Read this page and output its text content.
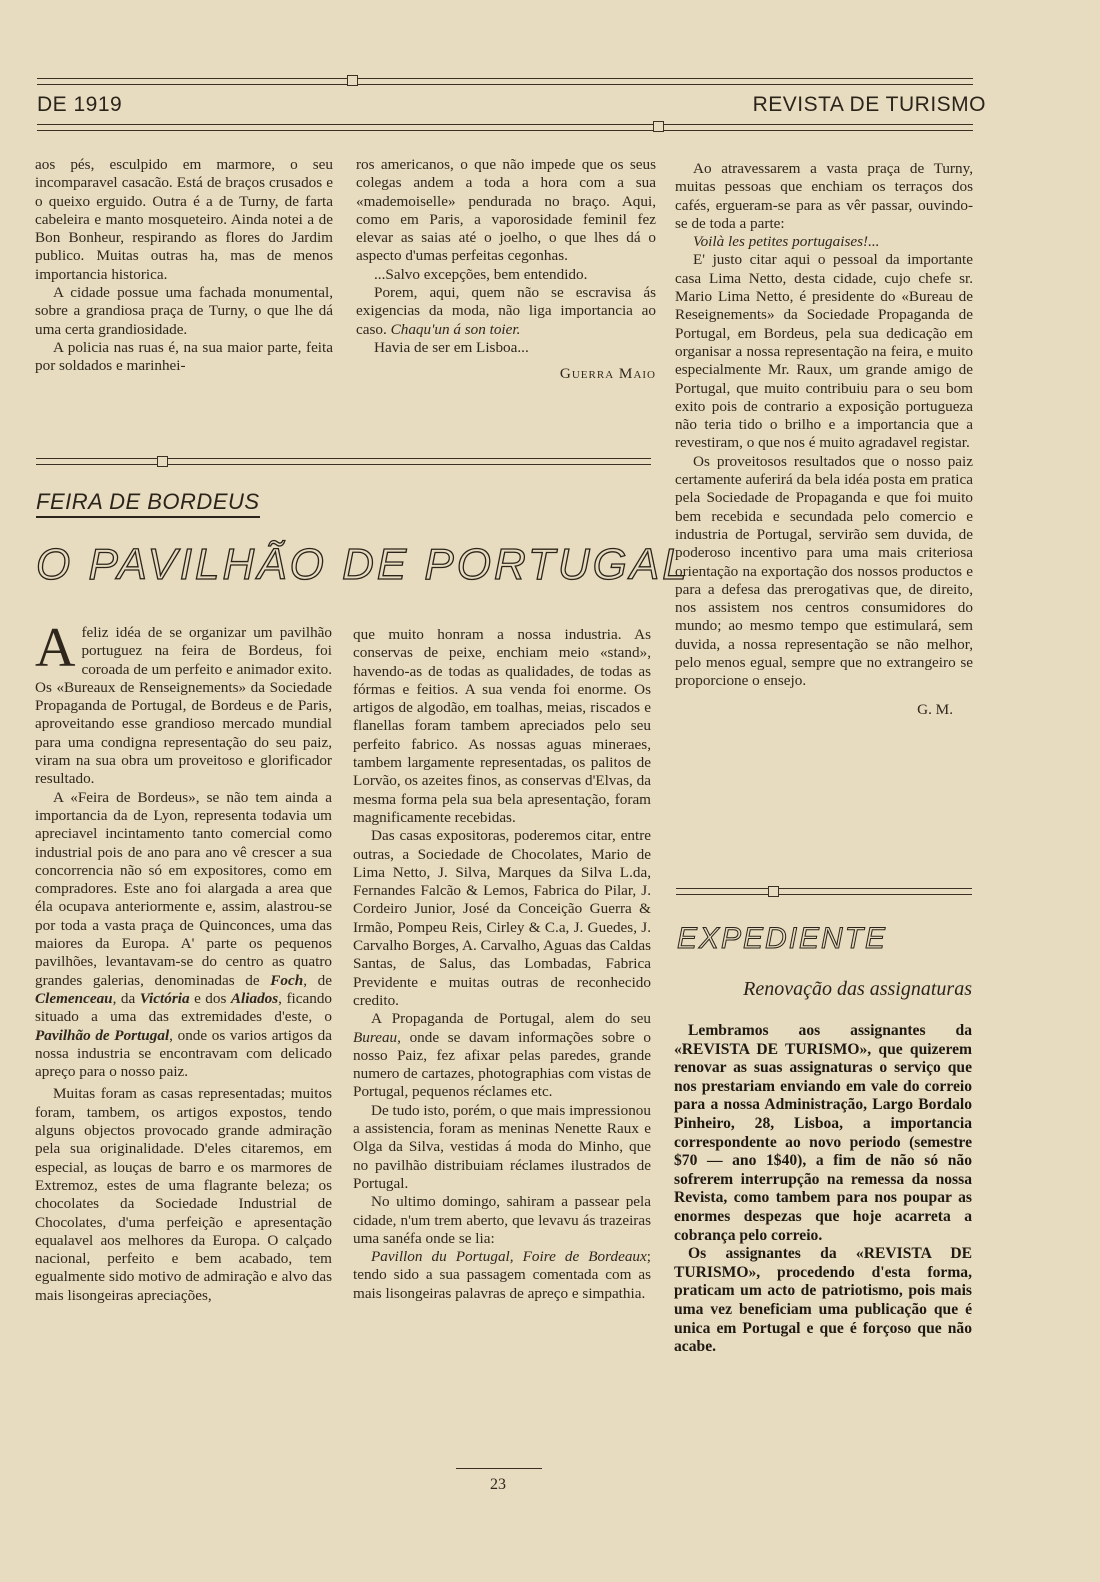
DE 1919	REVISTA DE TURISMO

aos pés, esculpido em marmore, o seu incomparavel casacão. Está de braços crusados e o queixo erguido. Outra é a de Turny, de farta cabeleira e manto mosqueteiro. Ainda notei a de Bon Bonheur, respirando as flores do Jardim publico. Muitas outras ha, mas de menos importancia historica.

A cidade possue uma fachada monumental, sobre a grandiosa praça de Turny, o que lhe dá uma certa grandiosidade.

A policia nas ruas é, na sua maior parte, feita por soldados e marinhei-

ros americanos, o que não impede que os seus colegas andem a toda a hora com a sua «mademoiselle» pendurada no braço. Aqui, como em Paris, a vaporosidade feminil fez elevar as saias até o joelho, o que lhes dá o aspecto d'umas perfeitas cegonhas.

...Salvo excepções, bem entendido.

Porem, aqui, quem não se escravisa ás exigencias da moda, não liga importancia ao caso. Chaqu'un á son toier.

Havia de ser em Lisboa...

Guerra Maio

FEIRA DE BORDEUS
O PAVILHÃO DE PORTUGAL

Afeliz idéa de se organizar um pavilhão portuguez na feira de Bordeus, foi coroada de um perfeito e animador exito. Os «Bureaux de Renseignements» da Sociedade Propaganda de Portugal, de Bordeus e de Paris, aproveitando esse grandioso mercado mundial para uma condigna representação do seu paiz, viram na sua obra um proveitoso e glorificador resultado.

A «Feira de Bordeus», se não tem ainda a importancia da de Lyon, representa todavia um apreciavel incintamento tanto comercial como industrial pois de ano para ano vê crescer a sua concorrencia não só em expositores, como em compradores. Este ano foi alargada a area que éla ocupava anteriormente e, assim, alastrou-se por toda a vasta praça de Quinconces, uma das maiores da Europa. A' parte os pequenos pavilhões, levantavam-se do centro as quatro grandes galerias, denominadas de Foch, de Clemenceau, da Victória e dos Aliados, ficando situado a uma das extremidades d'este, o Pavilhão de Portugal, onde os varios artigos da nossa industria se encontravam com delicado apreço para o nosso paiz.

Muitas foram as casas representadas; muitos foram, tambem, os artigos expostos, tendo alguns objectos provocado grande admiração pela sua originalidade. D'eles citaremos, em especial, as louças de barro e os marmores de Extremoz, estes de uma flagrante beleza; os chocolates da Sociedade Industrial de Chocolates, d'uma perfeição e apresentação equalavel aos melhores da Europa. O calçado nacional, perfeito e bem acabado, tem egualmente sido motivo de admiração e alvo das mais lisongeiras apreciações,

que muito honram a nossa industria. As conservas de peixe, enchiam meio «stand», havendo-as de todas as qualidades, de todas as fórmas e feitios. A sua venda foi enorme. Os artigos de algodão, em toalhas, meias, riscados e flanellas foram tambem apreciados pelo seu perfeito fabrico. As nossas aguas mineraes, tambem largamente representadas, os palitos de Lorvão, os azeites finos, as conservas d'Elvas, da mesma forma pela sua bela apresentação, foram magnificamente recebidas.

Das casas expositoras, poderemos citar, entre outras, a Sociedade de Chocolates, Mario de Lima Netto, J. Silva, Marques da Silva L.da, Fernandes Falcão & Lemos, Fabrica do Pilar, J. Cordeiro Junior, José da Conceição Guerra & Irmão, Pompeu Reis, Cirley & C.a, J. Guedes, J. Carvalho Borges, A. Carvalho, Aguas das Caldas Santas, de Salus, das Lombadas, Fabrica Previdente e muitas outras de reconhecido credito.

A Propaganda de Portugal, alem do seu Bureau, onde se davam informações sobre o nosso Paiz, fez afixar pelas paredes, grande numero de cartazes, photographias com vistas de Portugal, pequenos réclames etc.

De tudo isto, porém, o que mais impressionou a assistencia, foram as meninas Nenette Raux e Olga da Silva, vestidas á moda do Minho, que no pavilhão distribuiam réclames ilustrados de Portugal.

No ultimo domingo, sahiram a passear pela cidade, n'um trem aberto, que levavu ás trazeiras uma sanéfa onde se lia:

Pavillon du Portugal, Foire de Bordeaux; tendo sido a sua passagem comentada com as mais lisongeiras palavras de apreço e simpathia.

Ao atravessarem a vasta praça de Turny, muitas pessoas que enchiam os terraços dos cafés, ergueram-se para as vêr passar, ouvindo-se de toda a parte:

Voilà les petites portugaises!...

E' justo citar aqui o pessoal da importante casa Lima Netto, desta cidade, cujo chefe sr. Mario Lima Netto, é presidente do «Bureau de Reseignements» da Sociedade Propaganda de Portugal, em Bordeus, pela sua dedicação em organisar a nossa representação na feira, e muito especialmente Mr. Raux, um grande amigo de Portugal, que muito contribuiu para o seu bom exito pois de contrario a exposição portugueza não teria tido o brilho e a importancia que a revestiram, o que nos é muito agradavel registar.

Os proveitosos resultados que o nosso paiz certamente auferirá da bela idéa posta em pratica pela Sociedade de Propaganda e que foi muito bem recebida e secundada pelo comercio e industria de Portugal, servirão sem duvida, de poderoso incentivo para uma mais criteriosa orientação na exportação dos nossos productos e para a defesa das prerogativas que, de direito, nos assistem nos centros consumidores do mundo; ao mesmo tempo que estimulará, sem duvida, a nossa representação se não melhor, pelo menos egual, sempre que no extrangeiro se proporcione o ensejo.

G. M.

EXPEDIENTE
Renovação das assignaturas

Lembramos aos assignantes da «REVISTA DE TURISMO», que quizerem renovar as suas assignaturas o serviço que nos prestariam enviando em vale do correio para a nossa Administração, Largo Bordalo Pinheiro, 28, Lisboa, a importancia correspondente ao novo periodo (semestre $70 — ano 1$40), a fim de não só não sofrerem interrupção na remessa da nossa Revista, como tambem para nos poupar as enormes despezas que hoje acarreta a cobrança pelo correio.

Os assignantes da «REVISTA DE TURISMO», procedendo d'esta forma, praticam um acto de patriotismo, pois mais uma vez beneficiam uma publicação que é unica em Portugal e que é forçoso que não acabe.

23
